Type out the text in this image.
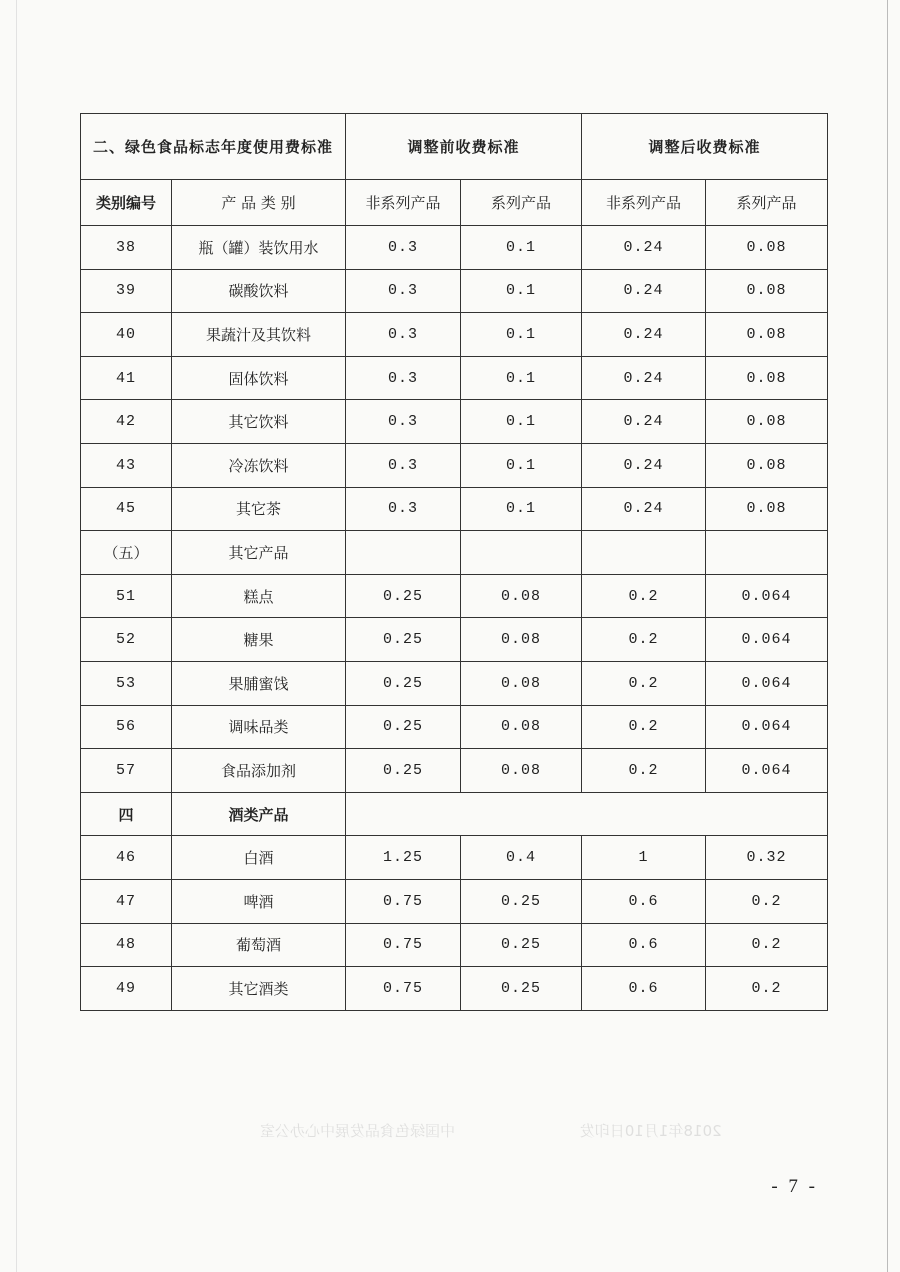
二、绿色食品标志年度使用费标准		调整前收费标准		调整后收费标准	
类别编号	产 品 类 别	非系列产品	系列产品	非系列产品	系列产品
38	瓶（罐）装饮用水	0.3	0.1	0.24	0.08
39	碳酸饮料	0.3	0.1	0.24	0.08
40	果蔬汁及其饮料	0.3	0.1	0.24	0.08
41	固体饮料	0.3	0.1	0.24	0.08
42	其它饮料	0.3	0.1	0.24	0.08
43	冷冻饮料	0.3	0.1	0.24	0.08
45	其它茶	0.3	0.1	0.24	0.08
（五）	其它产品				
51	糕点	0.25	0.08	0.2	0.064
52	糖果	0.25	0.08	0.2	0.064
53	果脯蜜饯	0.25	0.08	0.2	0.064
56	调味品类	0.25	0.08	0.2	0.064
57	食品添加剂	0.25	0.08	0.2	0.064
四	酒类产品				
46	白酒	1.25	0.4	1	0.32
47	啤酒	0.75	0.25	0.6	0.2
48	葡萄酒	0.75	0.25	0.6	0.2
49	其它酒类	0.75	0.25	0.6	0.2
2018年1月10日印发 中国绿色食品发展中心办公室
- 7 -
